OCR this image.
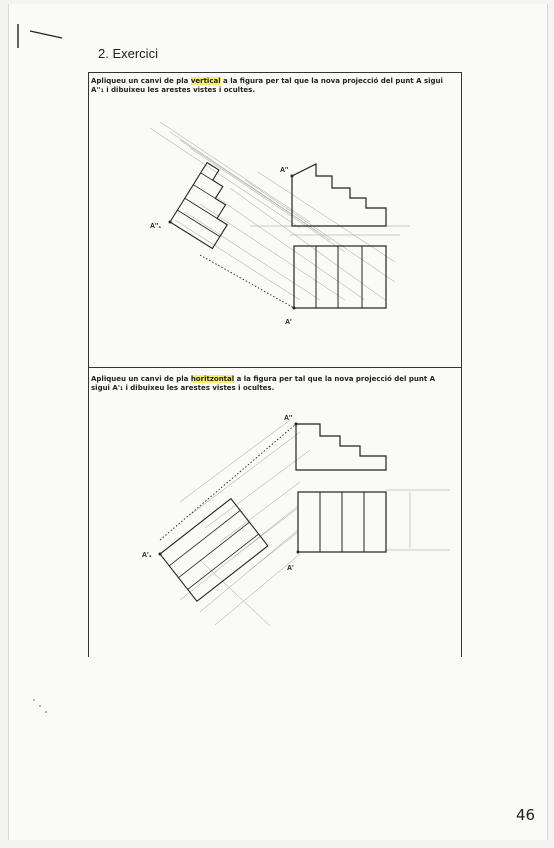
2. Exercici
Apliqueu un canvi de pla vertical a la figura per tal que la nova projecció del punt A sigui A''₁ i dibuixeu les arestes vistes i ocultes.
Apliqueu un canvi de pla horitzontal a la figura per tal que la nova projecció del punt A sigui A'₁ i dibuixeu les arestes vistes i ocultes.
A''₁
A''
A'
A'₁
A''
A'
46
